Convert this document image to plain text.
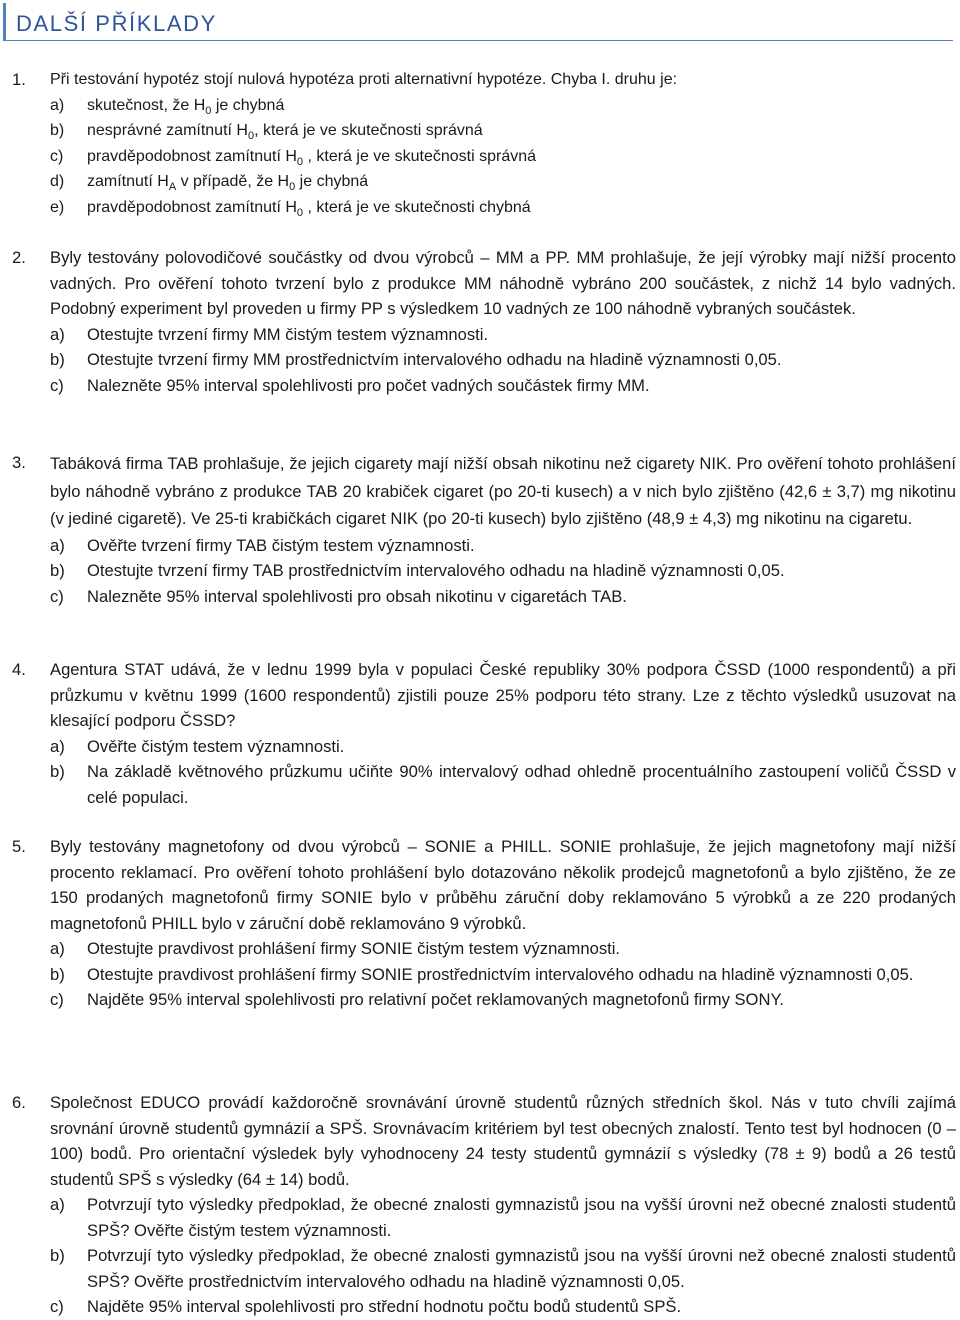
DALŠÍ PŘÍKLADY
1. Při testování hypotéz stojí nulová hypotéza proti alternativní hypotéze. Chyba I. druhu je:

a) skutečnost, že $H_0$ je chybná
b) nesprávné zamítnutí $H_0$, která je ve skutečnosti správná
c) pravděpodobnost zamítnutí $H_0$ , která je ve skutečnosti správná
d) zamítnutí $H_A$ v případě, že $H_0$ je chybná
e) pravděpodobnost zamítnutí $H_0$ , která je ve skutečnosti chybná
2. Byly testovány polovodičové součástky od dvou výrobců – MM a PP. MM prohlašuje, že její výrobky mají nižší procento vadných. Pro ověření tohoto tvrzení bylo z produkce MM náhodně vybráno 200 součástek, z nichž 14 bylo vadných. Podobný experiment byl proveden u firmy PP s výsledkem 10 vadných ze 100 náhodně vybraných součástek.

a) Otestujte tvrzení firmy MM čistým testem významnosti.
b) Otestujte tvrzení firmy MM prostřednictvím intervalového odhadu na hladině významnosti 0,05.
c) Nalezněte 95% interval spolehlivosti pro počet vadných součástek firmy MM.
3. Tabáková firma TAB prohlašuje, že jejich cigarety mají nižší obsah nikotinu než cigarety NIK. Pro ověření tohoto prohlášení bylo náhodně vybráno z produkce TAB 20 krabiček cigaret (po 20-ti kusech) a v nich bylo zjištěno (42,6 ± 3,7) mg nikotinu (v jediné cigaretě). Ve 25-ti krabičkách cigaret NIK (po 20-ti kusech) bylo zjištěno (48,9 ± 4,3) mg nikotinu na cigaretu.

a) Ověřte tvrzení firmy TAB čistým testem významnosti.
b) Otestujte tvrzení firmy TAB prostřednictvím intervalového odhadu na hladině významnosti 0,05.
c) Nalezněte 95% interval spolehlivosti pro obsah nikotinu v cigaretách TAB.
4. Agentura STAT udává, že v lednu 1999 byla v populaci České republiky 30% podpora ČSSD (1000 respondentů) a při průzkumu v květnu 1999 (1600 respondentů) zjistili pouze 25% podporu této strany. Lze z těchto výsledků usuzovat na klesající podporu ČSSD?

a) Ověřte čistým testem významnosti.
b) Na základě květnového průzkumu učiňte 90% intervalový odhad ohledně procentuálního zastoupení voličů ČSSD v celé populaci.
5. Byly testovány magnetofony od dvou výrobců – SONIE a PHILL. SONIE prohlašuje, že jejich magnetofony mají nižší procento reklamací. Pro ověření tohoto prohlášení bylo dotazováno několik prodejců magnetofonů a bylo zjištěno, že ze 150 prodaných magnetofonů firmy SONIE bylo v průběhu záruční doby reklamováno 5 výrobků a ze 220 prodaných magnetofonů PHILL bylo v záruční době reklamováno 9 výrobků.

a) Otestujte pravdivost prohlášení firmy SONIE čistým testem významnosti.
b) Otestujte pravdivost prohlášení firmy SONIE prostřednictvím intervalového odhadu na hladině významnosti 0,05.
c) Najděte 95% interval spolehlivosti pro relativní počet reklamovaných magnetofonů firmy SONY.
6. Společnost EDUCO provádí každoročně srovnávání úrovně studentů různých středních škol. Nás v tuto chvíli zajímá srovnání úrovně studentů gymnázií a SPŠ. Srovnávacím kritériem byl test obecných znalostí. Tento test byl hodnocen (0 – 100) bodů. Pro orientační výsledek byly vyhodnoceny 24 testy studentů gymnázií s výsledky (78 ± 9) bodů a 26 testů studentů SPŠ s výsledky (64 ± 14) bodů.

a) Potvrzují tyto výsledky předpoklad, že obecné znalosti gymnazistů jsou na vyšší úrovni než obecné znalosti studentů SPŠ? Ověřte čistým testem významnosti.
b) Potvrzují tyto výsledky předpoklad, že obecné znalosti gymnazistů jsou na vyšší úrovni než obecné znalosti studentů SPŠ? Ověřte prostřednictvím intervalového odhadu na hladině významnosti 0,05.
c) Najděte 95% interval spolehlivosti pro střední hodnotu počtu bodů studentů SPŠ.
